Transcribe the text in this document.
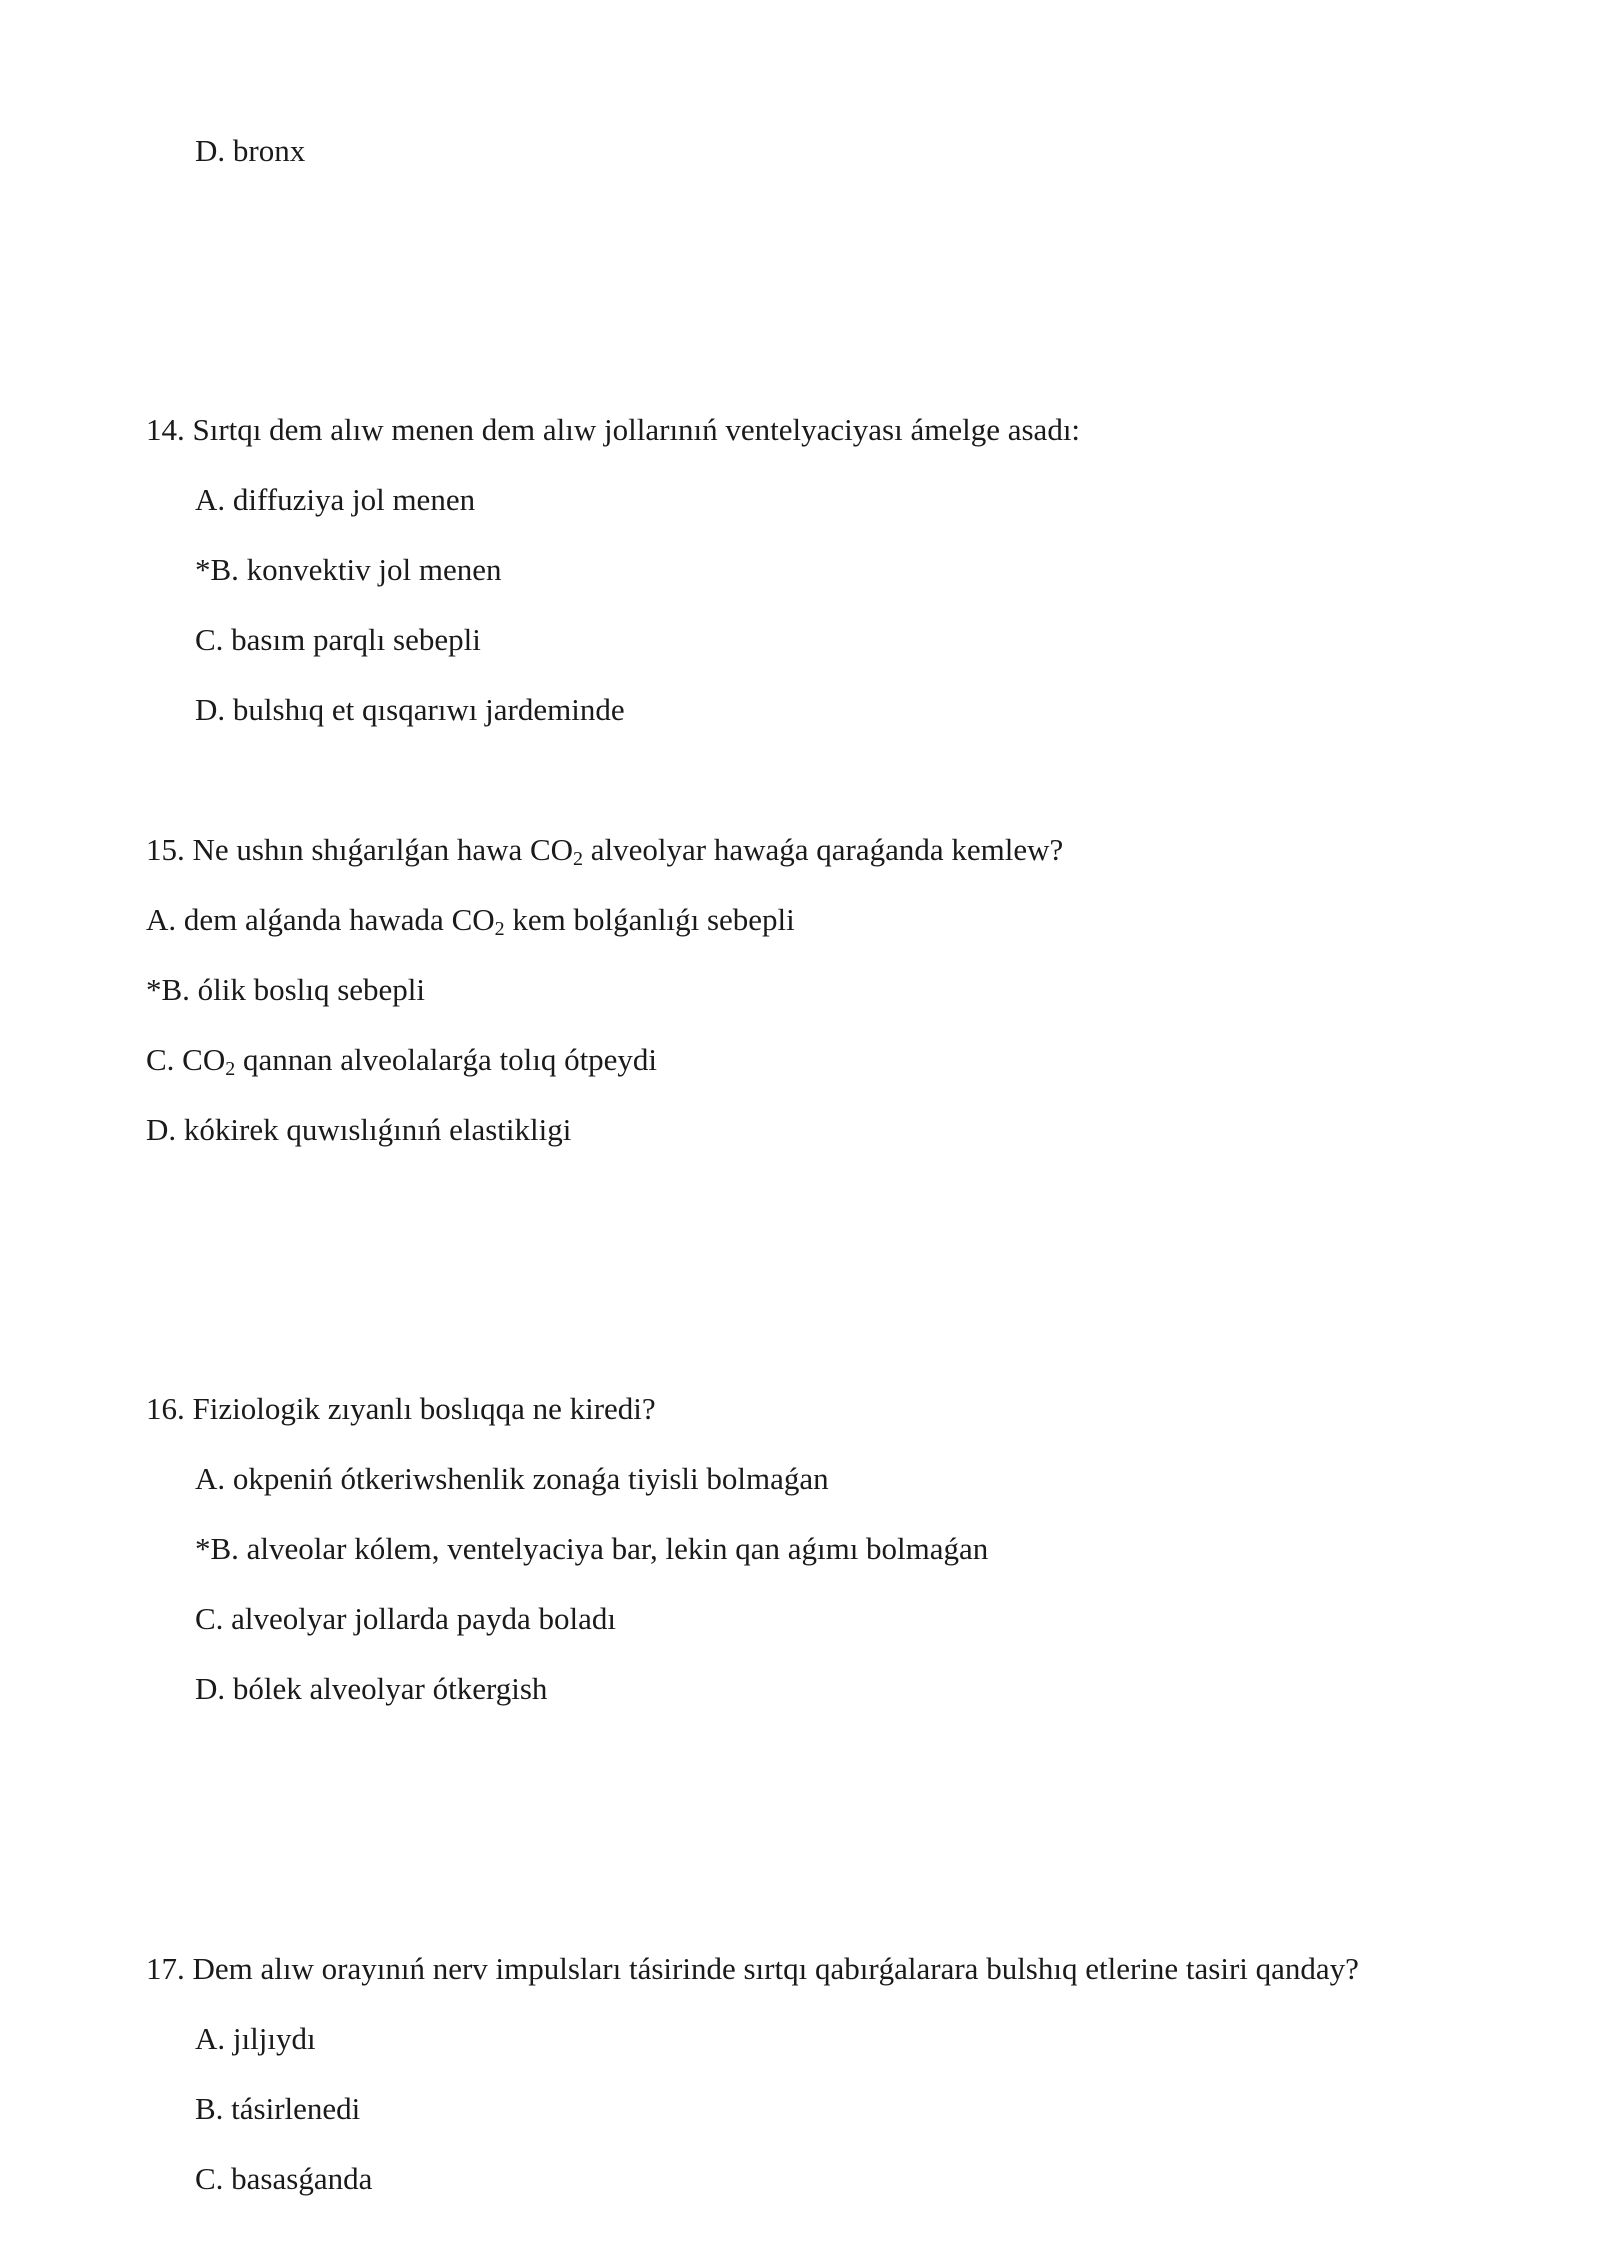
D. bronx
14. Sırtqı dem alıw menen dem alıw jollarınıń ventelyaciyası ámelge asadı:
A. diffuziya jol menen
*B. konvektiv jol menen
C. basım parqlı sebepli
D. bulshıq et qısqarıwı jardeminde
15. Ne ushın shıǵarılǵan hawa $CO_2$ alveolyar hawaǵa qaraǵanda kemlew?
A. dem alǵanda hawada $CO_2$ kem bolǵanlıǵı sebepli
*B. ólik boslıq sebepli
C. $CO_2$ qannan alveolalarǵa tolıq ótpeydi
D. kókirek quwıslıǵınıń elastikligi
16. Fiziologik zıyanlı boslıqqa ne kiredi?
A. okpeniń ótkeriwshenlik zonaǵa tiyisli bolmaǵan
*B. alveolar kólem, ventelyaciya bar, lekin qan aǵımı bolmaǵan
C. alveolyar jollarda payda boladı
D. bólek alveolyar ótkergish
17. Dem alıw orayınıń nerv impulsları tásirinde sırtqı qabırǵalarara bulshıq etlerine tasiri qanday?
A. jıljıydı
B. tásirlenedi
C. basasǵanda
